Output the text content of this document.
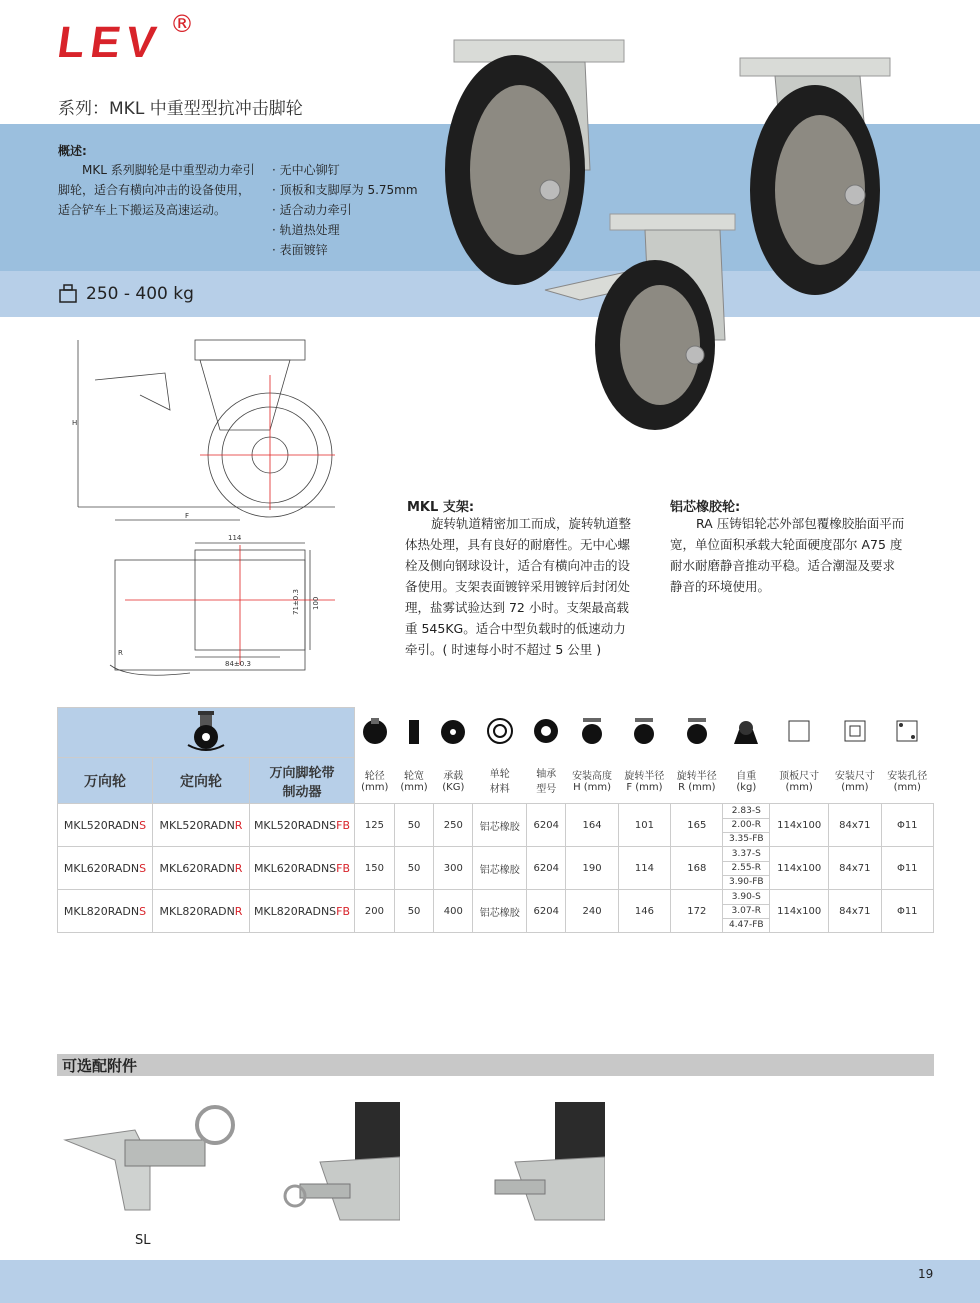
LEV ®
系列：MKL 中重型型抗冲击脚轮
概述:
MKL 系列脚轮是中重型动力牵引脚轮，适合有横向冲击的设备使用，适合铲车上下搬运及高速运动。
· 无中心铆钉
· 顶板和支脚厚为 5.75mm
· 适合动力牵引
· 轨道热处理
· 表面镀锌
250 - 400 kg
H
F
R
114
71±0.3 100
84±0.3
MKL 支架:
旋转轨道精密加工而成，旋转轨道整体热处理，具有良好的耐磨性。无中心螺栓及侧向钢球设计，适合有横向冲击的设备使用。支架表面镀锌采用镀锌后封闭处理，盐雾试验达到 72 小时。支架最高载重 545KG。适合中型负载时的低速动力牵引。( 时速每小时不超过 5 公里 )
铝芯橡胶轮:
RA 压铸铝轮芯外部包覆橡胶胎面平而宽，单位面积承载大轮面硬度邵尔 A75 度耐水耐磨静音推动平稳。适合潮湿及要求静音的环境使用。

万向轮	定向轮	万向脚轮带制动器	轮径
(mm)	轮宽
(mm)	承载
(KG)	单轮
材料	轴承
型号	安装高度
H (mm)	旋转半径
F (mm)	旋转半径
R (mm)	自重
(kg)	顶板尺寸
(mm)	安装尺寸
(mm)	安装孔径
(mm)
MKL520RADNS	MKL520RADNR	MKL520RADNSFB	125	50	250	铝芯橡胶	6204	164	101	165	2.83-S
2.00-R
3.35-FB	114x100	84x71	Φ11
MKL620RADNS	MKL620RADNR	MKL620RADNSFB	150	50	300	铝芯橡胶	6204	190	114	168	3.37-S
2.55-R
3.90-FB	114x100	84x71	Φ11
MKL820RADNS	MKL820RADNR	MKL820RADNSFB	200	50	400	铝芯橡胶	6204	240	146	172	3.90-S
3.07-R
4.47-FB	114x100	84x71	Φ11
可选配附件
SL
19
